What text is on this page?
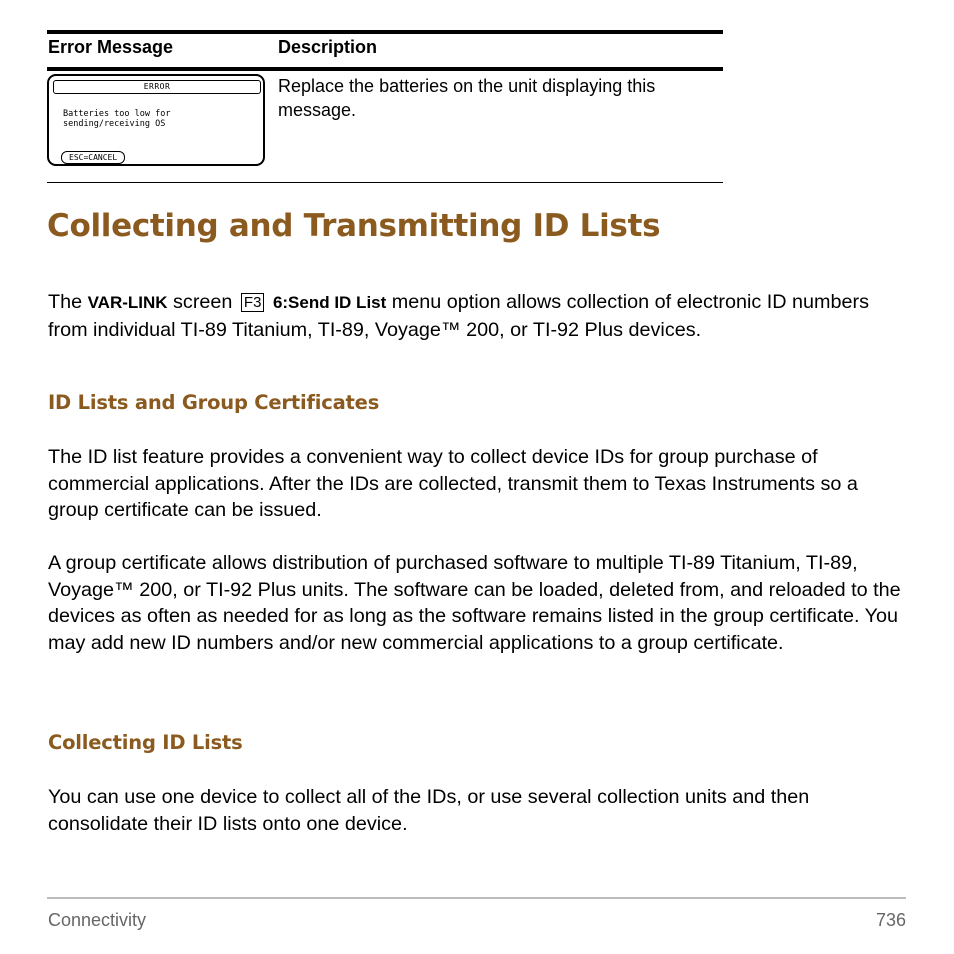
Error Message	Description
ERROR
Batteries too low for
sending/receiving OS
ESC=CANCEL
Replace the batteries on the unit displaying this message.
Collecting and Transmitting ID Lists
The VAR-LINK screen F3 6:Send ID List menu option allows collection of electronic ID numbers from individual TI-89 Titanium, TI-89, Voyage™ 200, or TI-92 Plus devices.
ID Lists and Group Certificates
The ID list feature provides a convenient way to collect device IDs for group purchase of commercial applications. After the IDs are collected, transmit them to Texas Instruments so a group certificate can be issued.
A group certificate allows distribution of purchased software to multiple TI-89 Titanium, TI-89, Voyage™ 200, or TI-92 Plus units. The software can be loaded, deleted from, and reloaded to the devices as often as needed for as long as the software remains listed in the group certificate. You may add new ID numbers and/or new commercial applications to a group certificate.
Collecting ID Lists
You can use one device to collect all of the IDs, or use several collection units and then consolidate their ID lists onto one device.
Connectivity	736
